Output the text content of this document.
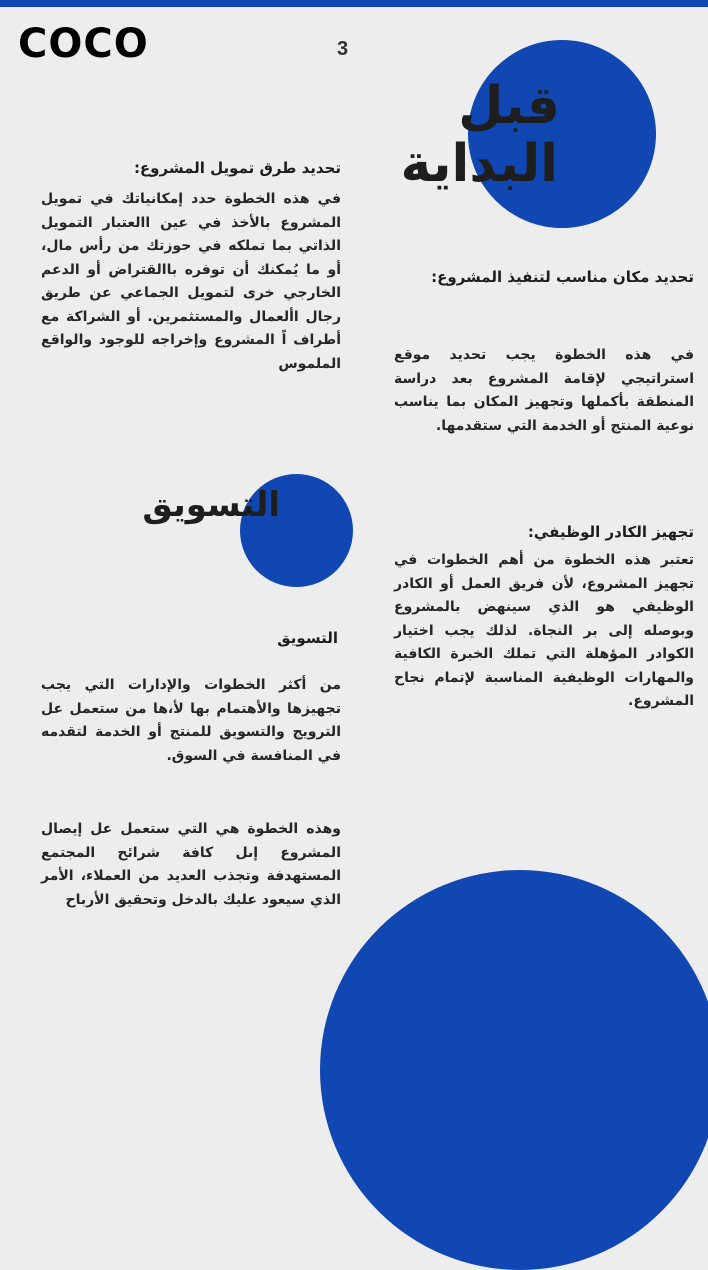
COCO	3
قبل
البداية
التسويق
تحديد طرق تمويل المشروع:

في هذه الخطوة حدد إمكانياتك في تمويل المشروع بالأخذ في عين االعتبار التمويل الذاتي بما تملكه في حوزتك من رأس مال، أو ما يُمكنك أن توفره باالقتراض أو الدعم الخارجي خرى لتمويل الجماعي عن طريق رجال األعمال والمستثمرين. أو الشراكة مع أطراف اً المشروع وإخراجه للوجود والواقع الملموس

تحديد مكان مناسب لتنفيذ المشروع:

في هذه الخطوة يجب تحديد موقع استراتيجي لإقامة المشروع بعد دراسة المنطقة بأكملها وتجهيز المكان بما يناسب نوعية المنتج أو الخدمة التي ستقدمها.

تجهيز الكادر الوظيفي:

تعتبر هذه الخطوة من أهم الخطوات في تجهيز المشروع، لأن فريق العمل أو الكادر الوظيفي هو الذي سينهض بالمشروع وبوصله إلى بر النجاة. لذلك يجب اختيار الكوادر المؤهلة التي تملك الخبرة الكافية والمهارات الوظيفية المناسبة لإتمام نجاح المشروع.

التسويق

من أكثر الخطوات والإدارات التي يجب تجهيزها والأهتمام بها لأ،ها من ستعمل عل الترويج والتسويق للمنتج أو الخدمة لتقدمه في المنافسة في السوق.

وهذه الخطوة هي التي ستعمل عل إيصال المشروع إىل كافة شرائح المجتمع المستهدفة وتجذب العديد من العملاء، الأمر الذي سيعود عليك بالدخل وتحقيق الأرباح
